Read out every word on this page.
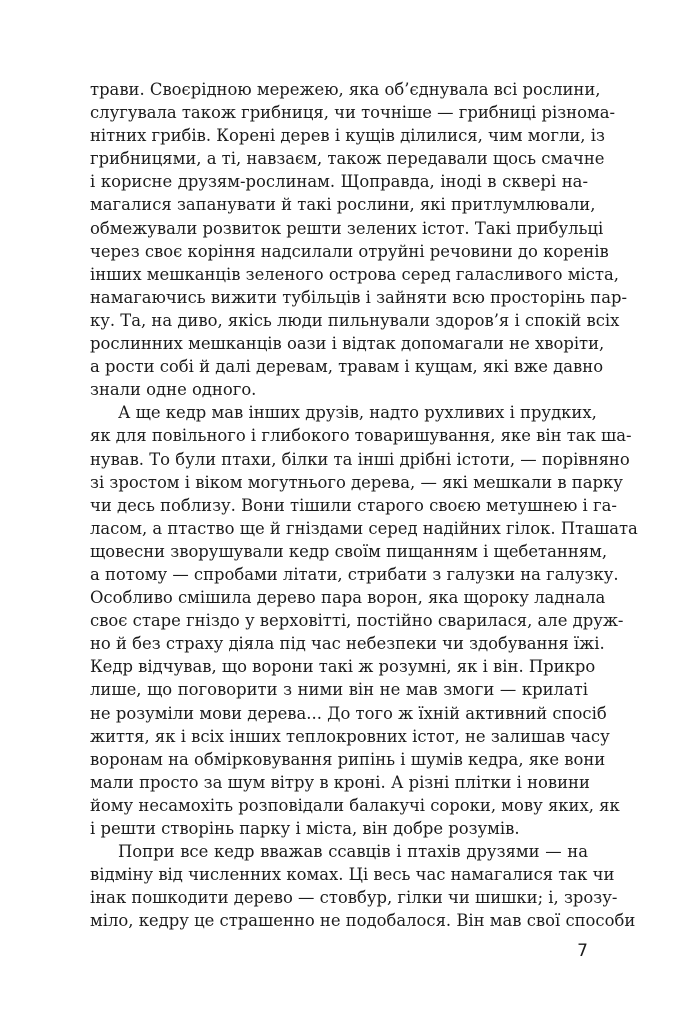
трави. Своєрідною мережею, яка об’єднувала всі рослини,
слугувала також грибниця, чи точніше — грибниці різнома-
нітних грибів. Корені дерев і кущів ділилися, чим могли, із
грибницями, а ті, навзаєм, також передавали щось смачне
і корисне друзям-рослинам. Щоправда, іноді в сквері на-
магалися запанувати й такі рослини, які притлумлювали,
обмежували розвиток решти зелених істот. Такі прибульці
через своє коріння надсилали отруйні речовини до коренів
інших мешканців зеленого острова серед галасливого міста,
намагаючись вижити тубільців і зайняти всю просторінь пар-
ку. Та, на диво, якісь люди пильнували здоров’я і спокій всіх
рослинних мешканців оази і відтак допомагали не хворіти,
а рости собі й далі деревам, травам і кущам, які вже давно
знали одне одного.
А ще кедр мав інших друзів, надто рухливих і прудких,
як для повільного і глибокого товаришування, яке він так ша-
нував. То були птахи, білки та інші дрібні істоти, — порівняно
зі зростом і віком могутнього дерева, — які мешкали в парку
чи десь поблизу. Вони тішили старого своєю метушнею і га-
ласом, а птаство ще й гніздами серед надійних гілок. Пташата
щовесни зворушували кедр своїм пищанням і щебетанням,
а потому — спробами літати, стрибати з галузки на галузку.
Особливо смішила дерево пара ворон, яка щороку ладнала
своє старе гніздо у верховітті, постійно сварилася, але друж-
но й без страху діяла під час небезпеки чи здобування їжі.
Кедр відчував, що ворони такі ж розумні, як і він. Прикро
лише, що поговорити з ними він не мав змоги — крилаті
не розуміли мови дерева... До того ж їхній активний спосіб
життя, як і всіх інших теплокровних істот, не залишав часу
воронам на обмірковування рипінь і шумів кедра, яке вони
мали просто за шум вітру в кроні. А різні плітки і новини
йому несамохіть розповідали балакучі сороки, мову яких, як
і решти створінь парку і міста, він добре розумів.
Попри все кедр вважав ссавців і птахів друзями — на
відміну від численних комах. Ці весь час намагалися так чи
інак пошкодити дерево — стовбур, гілки чи шишки; і, зрозу-
міло, кедру це страшенно не подобалося. Він мав свої способи
7
